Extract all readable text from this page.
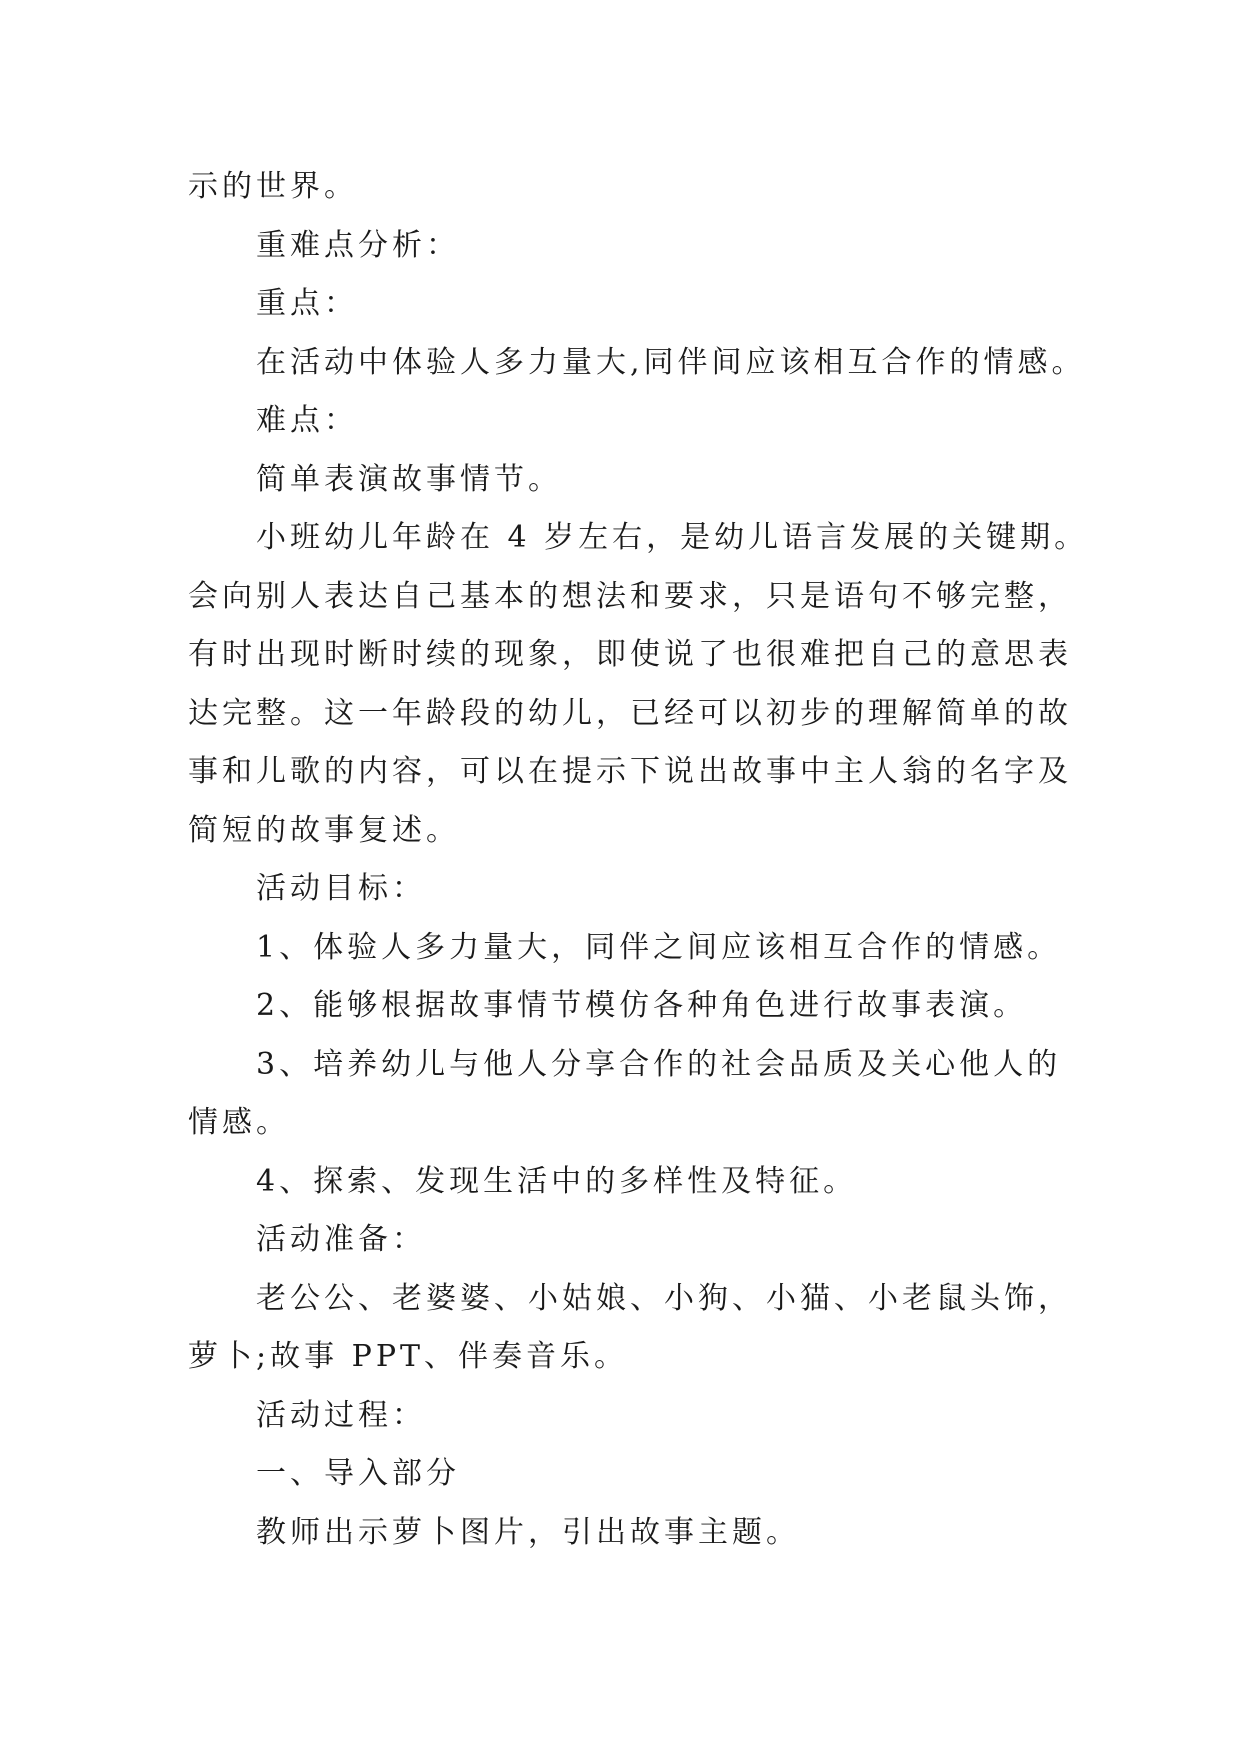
示的世界。
重难点分析：
重点：
在活动中体验人多力量大,同伴间应该相互合作的情感。
难点：
简单表演故事情节。
小班幼儿年龄在 4 岁左右，是幼儿语言发展的关键期。
会向别人表达自己基本的想法和要求，只是语句不够完整，
有时出现时断时续的现象，即使说了也很难把自己的意思表
达完整。这一年龄段的幼儿，已经可以初步的理解简单的故
事和儿歌的内容，可以在提示下说出故事中主人翁的名字及
简短的故事复述。
活动目标：
1、体验人多力量大，同伴之间应该相互合作的情感。
2、能够根据故事情节模仿各种角色进行故事表演。
3、培养幼儿与他人分享合作的社会品质及关心他人的
情感。
4、探索、发现生活中的多样性及特征。
活动准备：
老公公、老婆婆、小姑娘、小狗、小猫、小老鼠头饰，
萝卜;故事 PPT、伴奏音乐。
活动过程：
一、导入部分
教师出示萝卜图片，引出故事主题。
